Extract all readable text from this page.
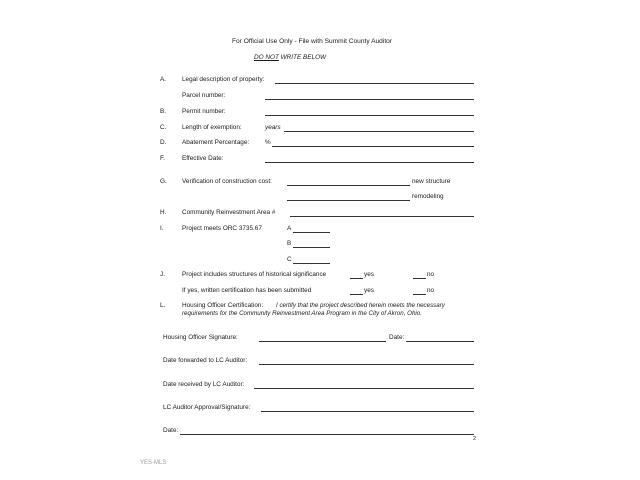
For Official Use Only - File with Summit County Auditor
DO NOT WRITE BELOW
A. Legal description of property:
Parcel number:
B. Permit number:
C. Length of exemption:	years
D. Abatement Percentage: %
F.	Effective Date:
G. Verification of construction cost:	new structure
remodeling
H. Community Reinvestment Area #
I.	Project meets ORC 3735.67	A
B
C
J.	Project includes structures of historical significance	yes	no
If yes, written certification has been submitted	yes	no
L.	Housing Officer Certification: I certify that the project described herein meets the necessary
requirements for the Community Reinvestment Area Program in the City of Akron, Ohio.
Housing Officer Signature:	Date:
Date forwarded to LC Auditor:
Date received by LC Auditor:
LC Auditor Approval/Signature:
Date:
2
YES-MLS
